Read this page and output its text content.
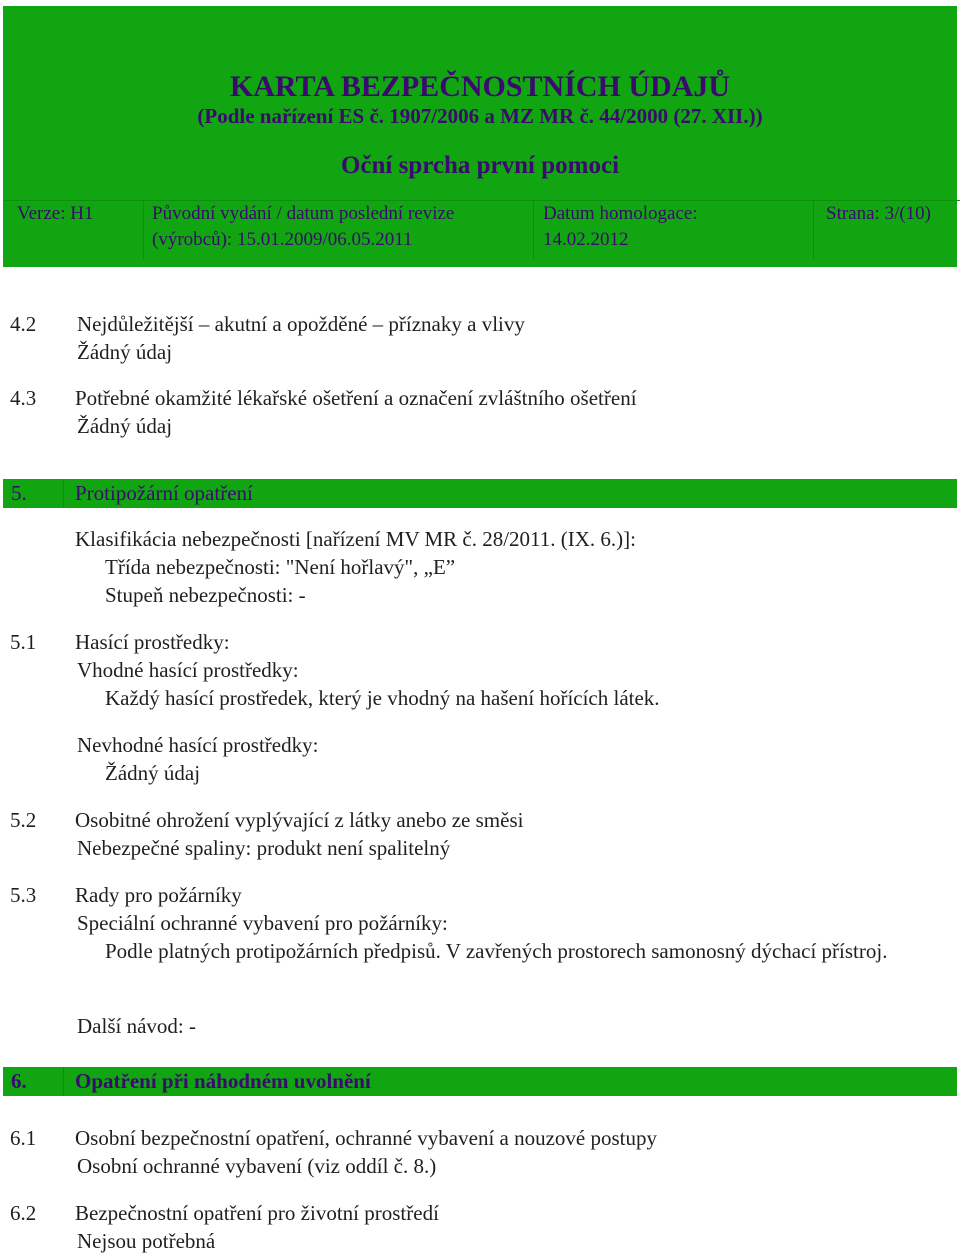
KARTA BEZPEČNOSTNÍCH ÚDAJŮ
(Podle nařízení ES č. 1907/2006 a MZ MR č. 44/2000 (27. XII.))
Oční sprcha první pomoci
Verze: H1	Původní vydání / datum poslední revize
(výrobců): 15.01.2009/06.05.2011
Datum homologace:
14.02.2012
Strana: 3/(10)
4.2 Nejdůležitější – akutní a opožděné – příznaky a vlivy
Žádný údaj
4.3 Potřebné okamžité lékařské ošetření a označení zvláštního ošetření
Žádný údaj
5. Protipožární opatření
Klasifikácia nebezpečnosti [nařízení MV MR č. 28/2011. (IX. 6.)]:
Třída nebezpečnosti: "Není hořlavý", „E”
Stupeň nebezpečnosti: -
5.1 Hasící prostředky:
Vhodné hasící prostředky:
Každý hasící prostředek, který je vhodný na hašení hořících látek.
Nevhodné hasící prostředky:
Žádný údaj
5.2 Osobitné ohrožení vyplývající z látky anebo ze směsi
Nebezpečné spaliny: produkt není spalitelný
5.3 Rady pro požárníky
Speciální ochranné vybavení pro požárníky:
Podle platných protipožárních předpisů. V zavřených prostorech samonosný dýchací přístroj.
Další návod: -
6. Opatření při náhodném uvolnění
6.1 Osobní bezpečnostní opatření, ochranné vybavení a nouzové postupy
Osobní ochranné vybavení (viz oddíl č. 8.)
6.2 Bezpečnostní opatření pro životní prostředí
Nejsou potřebná
